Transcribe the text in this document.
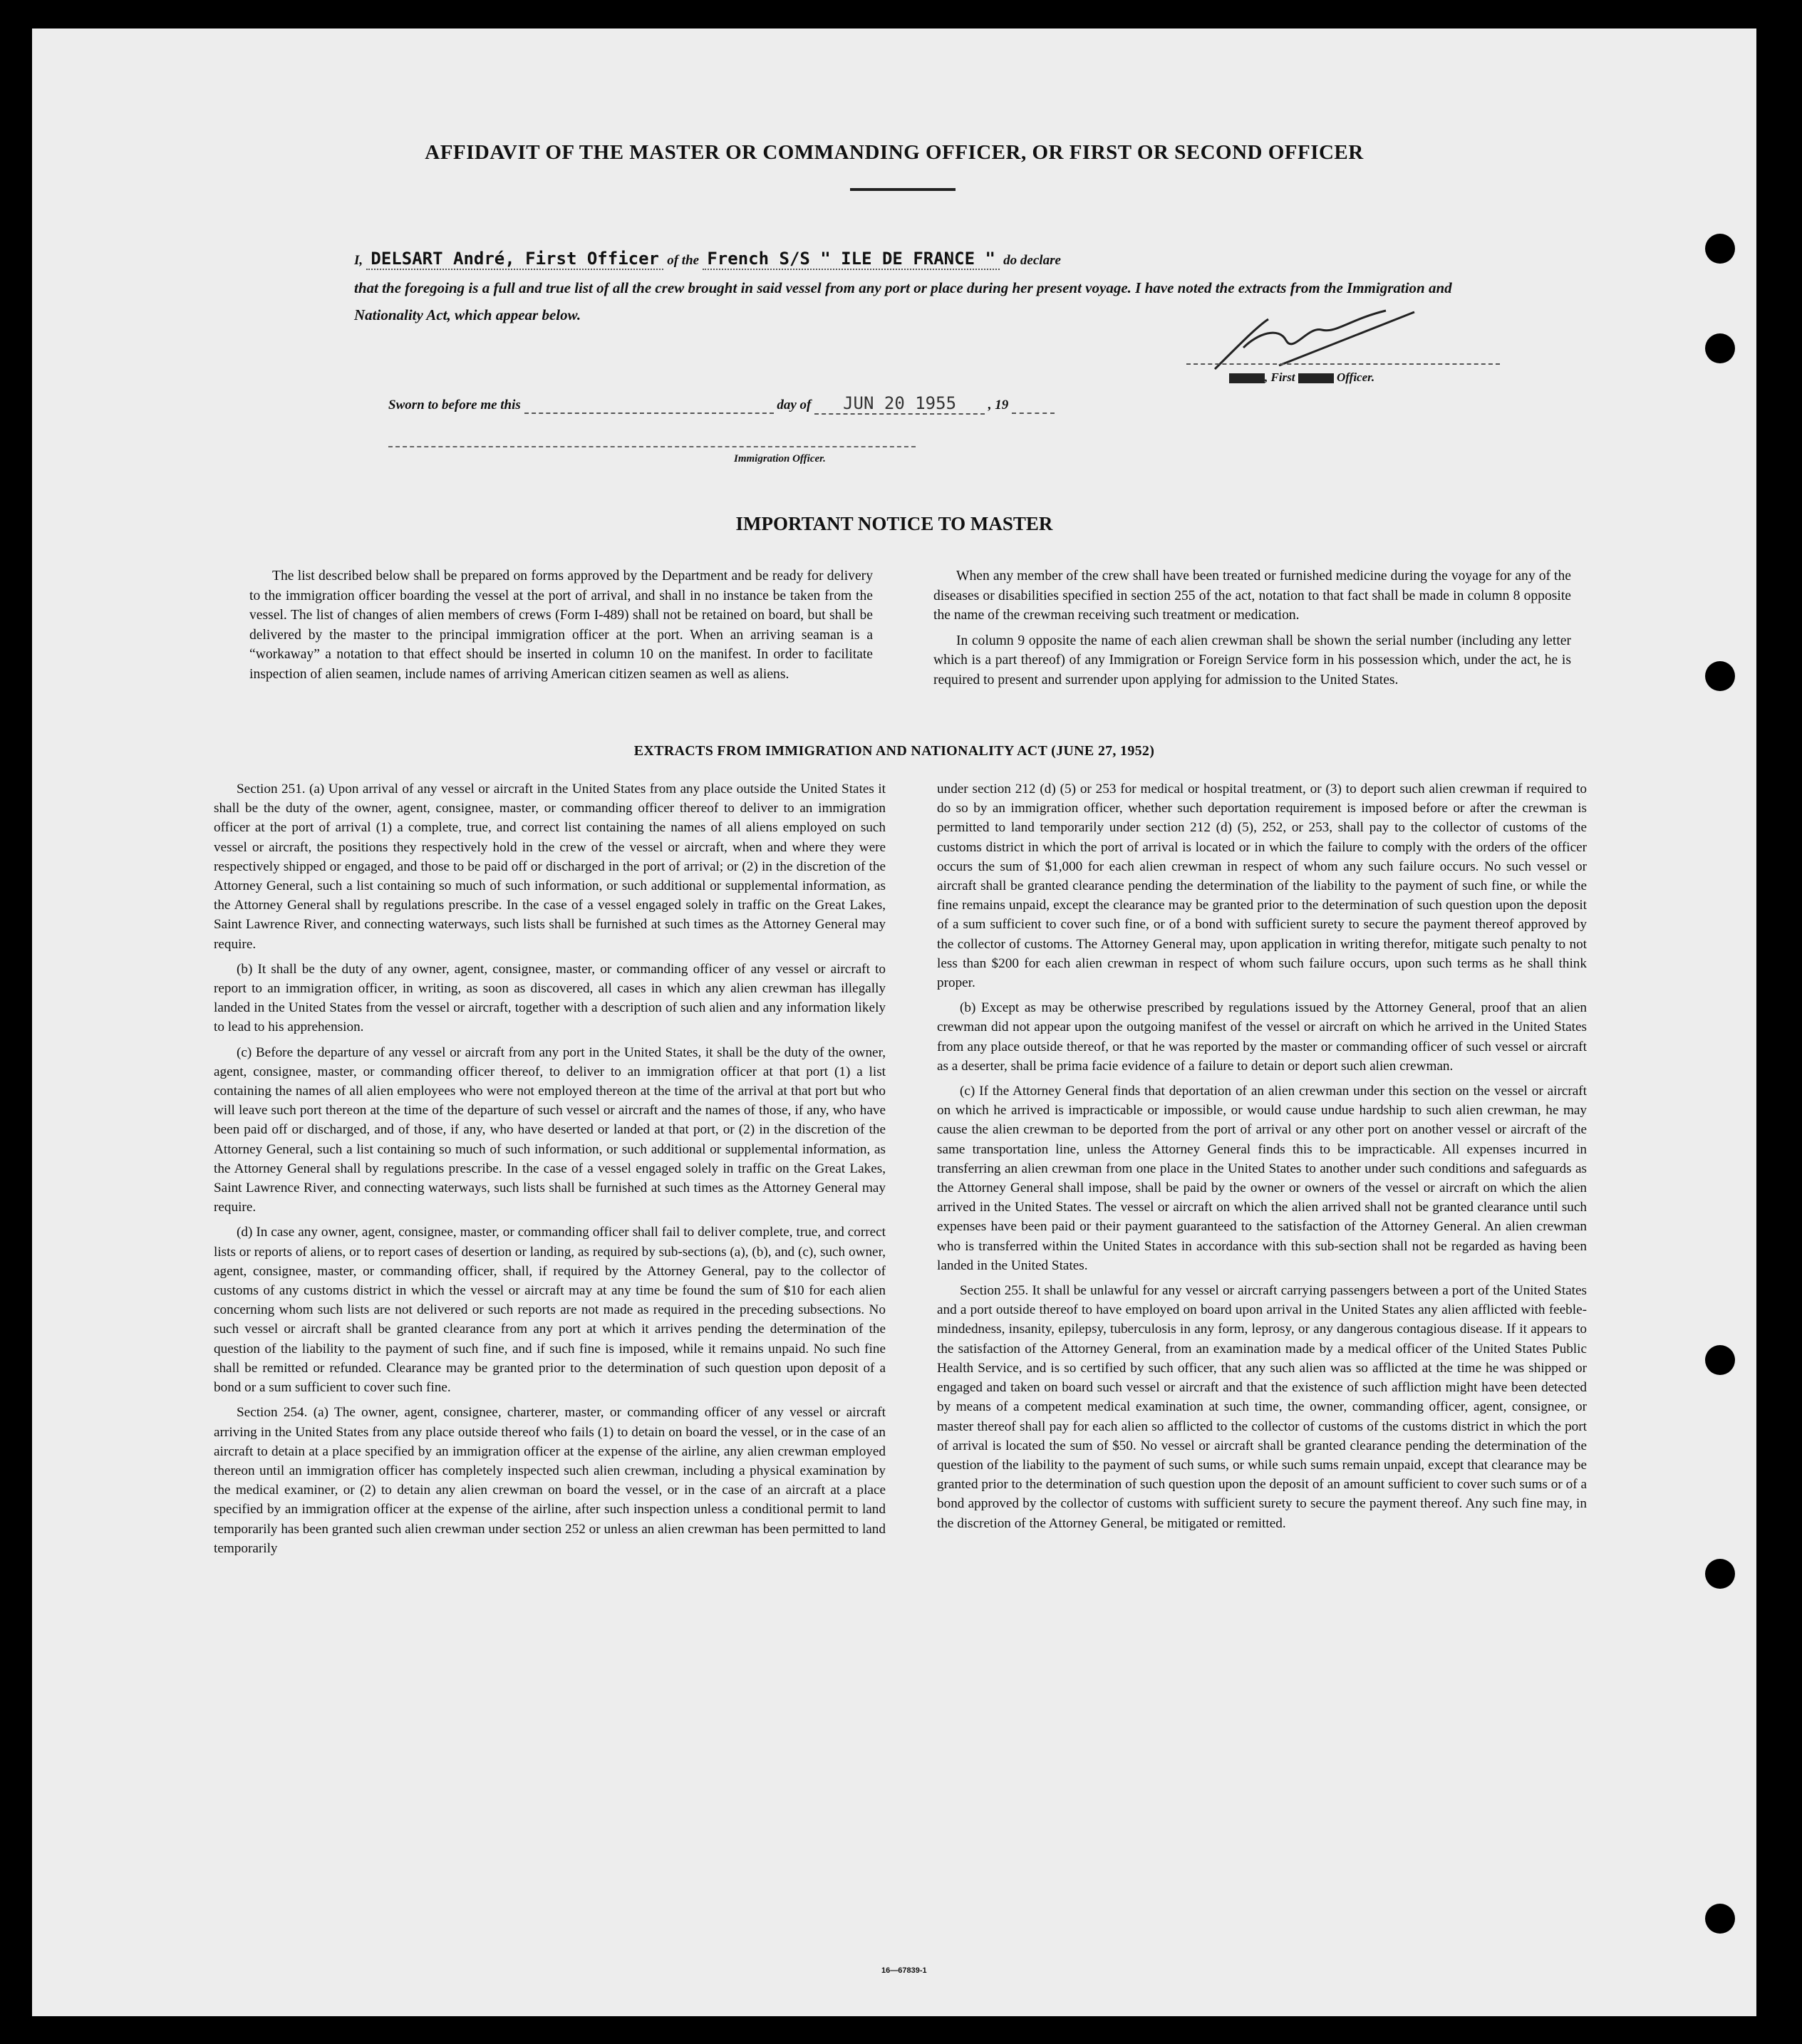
AFFIDAVIT OF THE MASTER OR COMMANDING OFFICER, OR FIRST OR SECOND OFFICER
I, DELSART André, First Officer of the French S/S " ILE DE FRANCE " do declare
that the foregoing is a full and true list of all the crew brought in said vessel from any port or place during her present voyage. I have noted the extracts from the Immigration and Nationality Act, which appear below.
, First	Officer.
Sworn to before me this	day of JUN 20 1955 , 19
Immigration Officer.
IMPORTANT NOTICE TO MASTER

The list described below shall be prepared on forms approved by the Department and be ready for delivery to the immigration officer boarding the vessel at the port of arrival, and shall in no instance be taken from the vessel. The list of changes of alien members of crews (Form I-489) shall not be retained on board, but shall be delivered by the master to the principal immigration officer at the port. When an arriving seaman is a “workaway” a notation to that effect should be inserted in column 10 on the manifest. In order to facilitate inspection of alien seamen, include names of arriving American citizen seamen as well as aliens.

When any member of the crew shall have been treated or furnished medicine during the voyage for any of the diseases or disabilities specified in section 255 of the act, notation to that fact shall be made in column 8 opposite the name of the crewman receiving such treatment or medication.

In column 9 opposite the name of each alien crewman shall be shown the serial number (including any letter which is a part thereof) of any Immigration or Foreign Service form in his possession which, under the act, he is required to present and surrender upon applying for admission to the United States.

EXTRACTS FROM IMMIGRATION AND NATIONALITY ACT (JUNE 27, 1952)

Section 251. (a) Upon arrival of any vessel or aircraft in the United States from any place outside the United States it shall be the duty of the owner, agent, consignee, master, or commanding officer thereof to deliver to an immigration officer at the port of arrival (1) a complete, true, and correct list containing the names of all aliens employed on such vessel or aircraft, the positions they respectively hold in the crew of the vessel or aircraft, when and where they were respectively shipped or engaged, and those to be paid off or discharged in the port of arrival; or (2) in the discretion of the Attorney General, such a list containing so much of such information, or such additional or supplemental information, as the Attorney General shall by regulations prescribe. In the case of a vessel engaged solely in traffic on the Great Lakes, Saint Lawrence River, and connecting waterways, such lists shall be furnished at such times as the Attorney General may require.

(b) It shall be the duty of any owner, agent, consignee, master, or commanding officer of any vessel or aircraft to report to an immigration officer, in writing, as soon as discovered, all cases in which any alien crewman has illegally landed in the United States from the vessel or aircraft, together with a description of such alien and any information likely to lead to his apprehension.

(c) Before the departure of any vessel or aircraft from any port in the United States, it shall be the duty of the owner, agent, consignee, master, or commanding officer thereof, to deliver to an immigration officer at that port (1) a list containing the names of all alien employees who were not employed thereon at the time of the arrival at that port but who will leave such port thereon at the time of the departure of such vessel or aircraft and the names of those, if any, who have been paid off or discharged, and of those, if any, who have deserted or landed at that port, or (2) in the discretion of the Attorney General, such a list containing so much of such information, or such additional or supplemental information, as the Attorney General shall by regulations prescribe. In the case of a vessel engaged solely in traffic on the Great Lakes, Saint Lawrence River, and connecting waterways, such lists shall be furnished at such times as the Attorney General may require.

(d) In case any owner, agent, consignee, master, or commanding officer shall fail to deliver complete, true, and correct lists or reports of aliens, or to report cases of desertion or landing, as required by sub-sections (a), (b), and (c), such owner, agent, consignee, master, or commanding officer, shall, if required by the Attorney General, pay to the collector of customs of any customs district in which the vessel or aircraft may at any time be found the sum of $10 for each alien concerning whom such lists are not delivered or such reports are not made as required in the preceding subsections. No such vessel or aircraft shall be granted clearance from any port at which it arrives pending the determination of the question of the liability to the payment of such fine, and if such fine is imposed, while it remains unpaid. No such fine shall be remitted or refunded. Clearance may be granted prior to the determination of such question upon deposit of a bond or a sum sufficient to cover such fine.

Section 254. (a) The owner, agent, consignee, charterer, master, or commanding officer of any vessel or aircraft arriving in the United States from any place outside thereof who fails (1) to detain on board the vessel, or in the case of an aircraft to detain at a place specified by an immigration officer at the expense of the airline, any alien crewman employed thereon until an immigration officer has completely inspected such alien crewman, including a physical examination by the medical examiner, or (2) to detain any alien crewman on board the vessel, or in the case of an aircraft at a place specified by an immigration officer at the expense of the airline, after such inspection unless a conditional permit to land temporarily has been granted such alien crewman under section 252 or unless an alien crewman has been permitted to land temporarily

under section 212 (d) (5) or 253 for medical or hospital treatment, or (3) to deport such alien crewman if required to do so by an immigration officer, whether such deportation requirement is imposed before or after the crewman is permitted to land temporarily under section 212 (d) (5), 252, or 253, shall pay to the collector of customs of the customs district in which the port of arrival is located or in which the failure to comply with the orders of the officer occurs the sum of $1,000 for each alien crewman in respect of whom any such failure occurs. No such vessel or aircraft shall be granted clearance pending the determination of the liability to the payment of such fine, or while the fine remains unpaid, except the clearance may be granted prior to the determination of such question upon the deposit of a sum sufficient to cover such fine, or of a bond with sufficient surety to secure the payment thereof approved by the collector of customs. The Attorney General may, upon application in writing therefor, mitigate such penalty to not less than $200 for each alien crewman in respect of whom such failure occurs, upon such terms as he shall think proper.

(b) Except as may be otherwise prescribed by regulations issued by the Attorney General, proof that an alien crewman did not appear upon the outgoing manifest of the vessel or aircraft on which he arrived in the United States from any place outside thereof, or that he was reported by the master or commanding officer of such vessel or aircraft as a deserter, shall be prima facie evidence of a failure to detain or deport such alien crewman.

(c) If the Attorney General finds that deportation of an alien crewman under this section on the vessel or aircraft on which he arrived is impracticable or impossible, or would cause undue hardship to such alien crewman, he may cause the alien crewman to be deported from the port of arrival or any other port on another vessel or aircraft of the same transportation line, unless the Attorney General finds this to be impracticable. All expenses incurred in transferring an alien crewman from one place in the United States to another under such conditions and safeguards as the Attorney General shall impose, shall be paid by the owner or owners of the vessel or aircraft on which the alien arrived in the United States. The vessel or aircraft on which the alien arrived shall not be granted clearance until such expenses have been paid or their payment guaranteed to the satisfaction of the Attorney General. An alien crewman who is transferred within the United States in accordance with this sub-section shall not be regarded as having been landed in the United States.

Section 255. It shall be unlawful for any vessel or aircraft carrying passengers between a port of the United States and a port outside thereof to have employed on board upon arrival in the United States any alien afflicted with feeble-mindedness, insanity, epilepsy, tuberculosis in any form, leprosy, or any dangerous contagious disease. If it appears to the satisfaction of the Attorney General, from an examination made by a medical officer of the United States Public Health Service, and is so certified by such officer, that any such alien was so afflicted at the time he was shipped or engaged and taken on board such vessel or aircraft and that the existence of such affliction might have been detected by means of a competent medical examination at such time, the owner, commanding officer, agent, consignee, or master thereof shall pay for each alien so afflicted to the collector of customs of the customs district in which the port of arrival is located the sum of $50. No vessel or aircraft shall be granted clearance pending the determination of the question of the liability to the payment of such sums, or while such sums remain unpaid, except that clearance may be granted prior to the determination of such question upon the deposit of an amount sufficient to cover such sums or of a bond approved by the collector of customs with sufficient surety to secure the payment thereof. Any such fine may, in the discretion of the Attorney General, be mitigated or remitted.

16—67839-1
